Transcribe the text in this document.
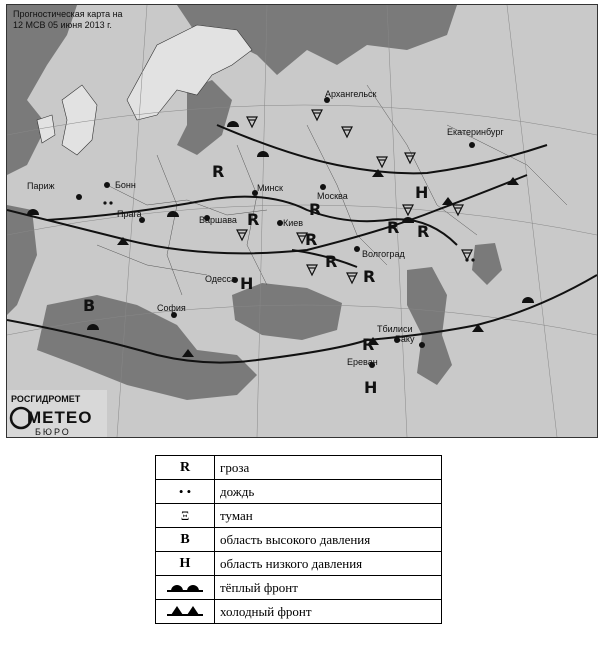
Париж	Бонн
Прага
Варшава
Минск
Москва
Киев
Волгоград
Одесса
София
Тбилиси
Баку
Ереван
Архангельск
Екатеринбург
R
R
R
R
R
R
R R
R
Н
Н
Н
В
Прогностическая карта на
12 МСВ 05 июня 2013 г.
РОСГИДРОМЕТ
МЕТЕО
БЮРО
R	гроза
• •	дождь
Ξ	туман
В	область высокого давления
Н	область низкого давления
	тёплый фронт
	холодный фронт
